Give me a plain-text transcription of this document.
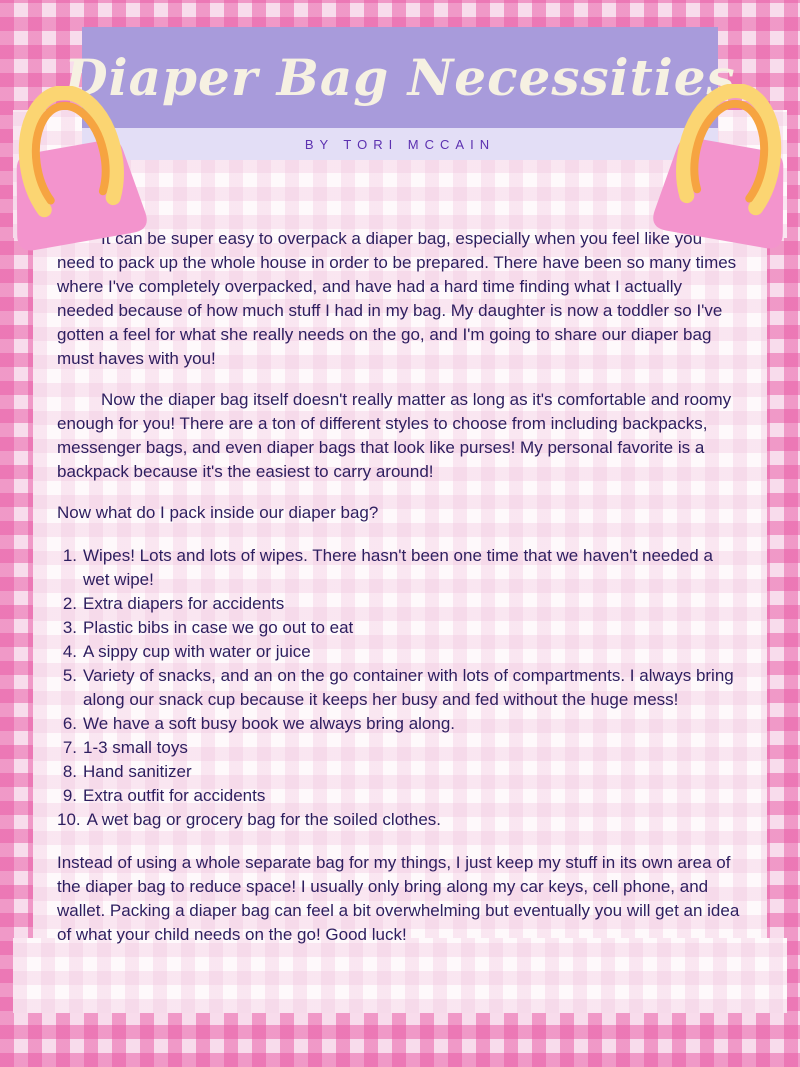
Diaper Bag Necessities
BY TORI MCCAIN

It can be super easy to overpack a diaper bag, especially when you feel like you need to pack up the whole house in order to be prepared. There have been so many times where I've completely overpacked, and have had a hard time finding what I actually needed because of how much stuff I had in my bag. My daughter is now a toddler so I've gotten a feel for what she really needs on the go, and I'm going to share our diaper bag must haves with you!

Now the diaper bag itself doesn't really matter as long as it's comfortable and roomy enough for you! There are a ton of different styles to choose from including backpacks, messenger bags, and even diaper bags that look like purses! My personal favorite is a backpack because it's the easiest to carry around!

Now what do I pack inside our diaper bag?

1. Wipes! Lots and lots of wipes. There hasn't been one time that we haven't needed a wet wipe!
2. Extra diapers for accidents
3. Plastic bibs in case we go out to eat
4. A sippy cup with water or juice
5. Variety of snacks, and an on the go container with lots of compartments. I always bring along our snack cup because it keeps her busy and fed without the huge mess!
6. We have a soft busy book we always bring along.
7. 1-3 small toys
8. Hand sanitizer
9. Extra outfit for accidents
10. A wet bag or grocery bag for the soiled clothes.

Instead of using a whole separate bag for my things, I just keep my stuff in its own area of the diaper bag to reduce space! I usually only bring along my car keys, cell phone, and wallet. Packing a diaper bag can feel a bit overwhelming but eventually you will get an idea of what your child needs on the go! Good luck!
